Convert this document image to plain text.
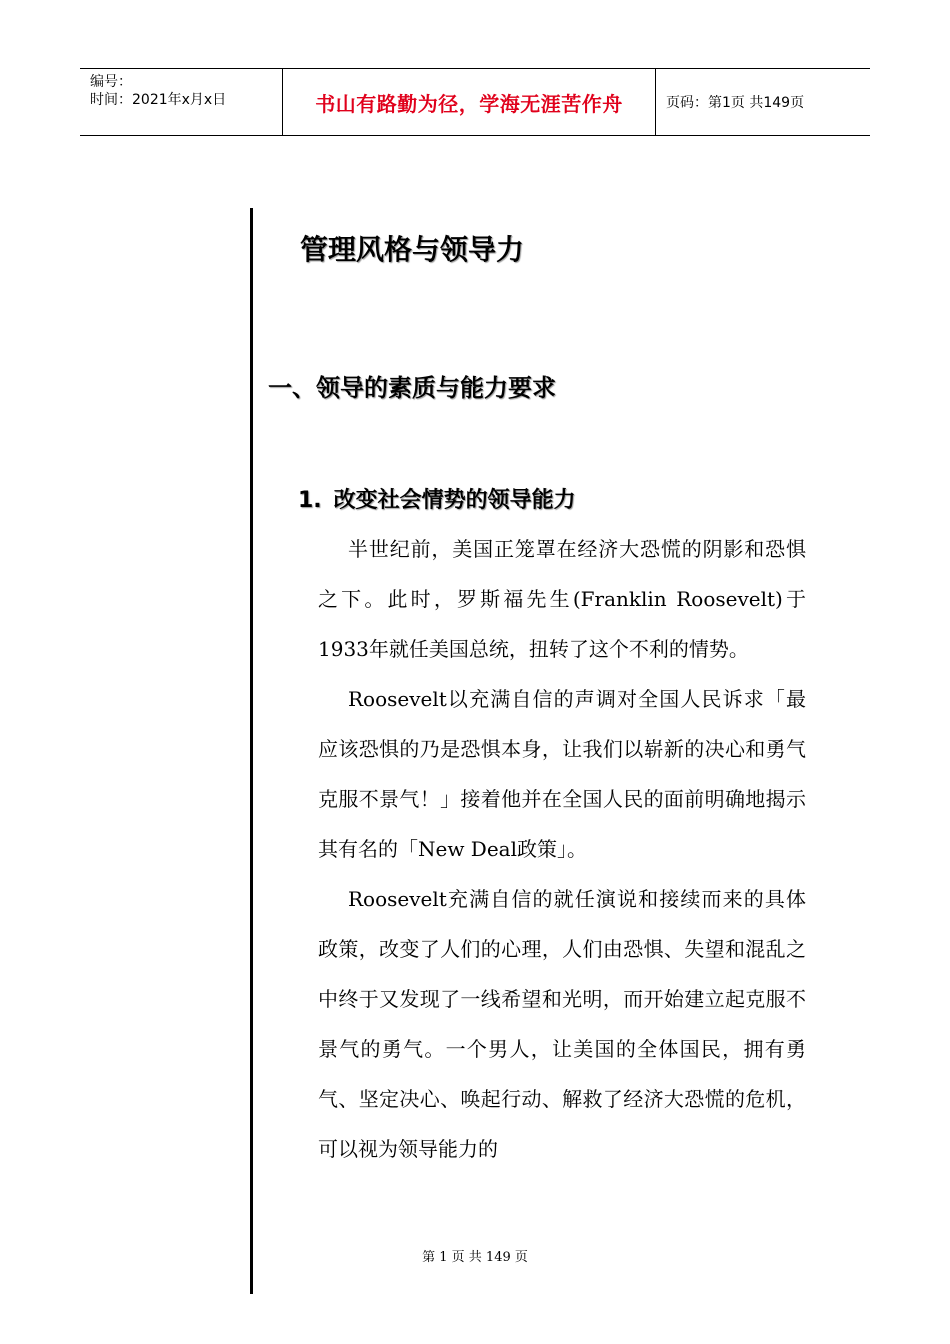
编号：
时间：2021年x月x日	书山有路勤为径，学海无涯苦作舟	页码：第1页 共149页
管理风格与领导力
一、领导的素质与能力要求
1. 改变社会情势的领导能力

半世纪前，美国正笼罩在经济大恐慌的阴影和恐惧之下。此时，罗斯福先生(Franklin Roosevelt)于1933年就任美国总统，扭转了这个不利的情势。

Roosevelt以充满自信的声调对全国人民诉求「最应该恐惧的乃是恐惧本身，让我们以崭新的决心和勇气克服不景气！」接着他并在全国人民的面前明确地揭示其有名的「New Deal政策」。

Roosevelt充满自信的就任演说和接续而来的具体政策，改变了人们的心理，人们由恐惧、失望和混乱之中终于又发现了一线希望和光明，而开始建立起克服不景气的勇气。一个男人，让美国的全体国民，拥有勇气、坚定决心、唤起行动、解救了经济大恐慌的危机，可以视为领导能力的

第 1 页 共 149 页
